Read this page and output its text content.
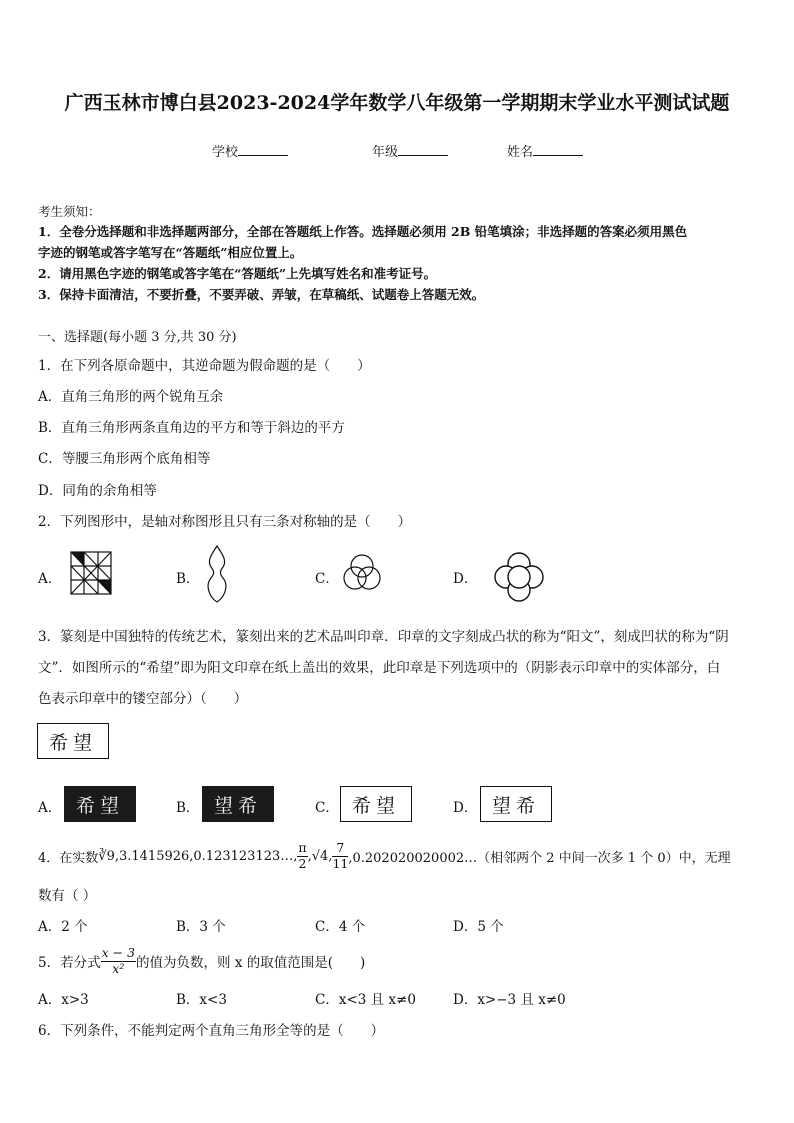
广西玉林市博白县2023-2024学年数学八年级第一学期期末学业水平测试试题
学校	年级	姓名
考生须知：
1．全卷分选择题和非选择题两部分，全部在答题纸上作答。选择题必须用 2B 铅笔填涂；非选择题的答案必须用黑色
字迹的钢笔或答字笔写在“答题纸”相应位置上。
2．请用黑色字迹的钢笔或答字笔在“答题纸”上先填写姓名和准考证号。
3．保持卡面清洁，不要折叠，不要弄破、弄皱，在草稿纸、试题卷上答题无效。
一、选择题(每小题 3 分,共 30 分)
1．在下列各原命题中，其逆命题为假命题的是（　　）
A．直角三角形的两个锐角互余
B．直角三角形两条直角边的平方和等于斜边的平方
C．等腰三角形两个底角相等
D．同角的余角相等
2．下列图形中，是轴对称图形且只有三条对称轴的是（　　）
A．	B．	C．	D．
3．篆刻是中国独特的传统艺术，篆刻出来的艺术品叫印章．印章的文字刻成凸状的称为“阳文”，刻成凹状的称为“阴
文”．如图所示的“希望”即为阳文印章在纸上盖出的效果，此印章是下列选项中的（阴影表示印章中的实体部分，白
色表示印章中的镂空部分）（　　）
希望
A． 希望	B． 望希	C． 希望	D． 望希
4．在实数 ∛9 ,3.1415926,0.123123123…, $\frac{\pi}{2} ,√4$, $\frac{7}{11}$ ,0.202020020002…（相邻两个 2 中间一次多 1 个 0）中，无理
数有（ ）
A．2 个	B．3 个	C．4 个	D．5 个
5．若分式 $\frac{x - 3}{\text{x²}}$ 的值为负数，则 x 的取值范围是(　　)
A．x>3	B．x<3	C．x<3 且 x≠0	D．x>−3 且 x≠0
6．下列条件，不能判定两个直角三角形全等的是（　　）
